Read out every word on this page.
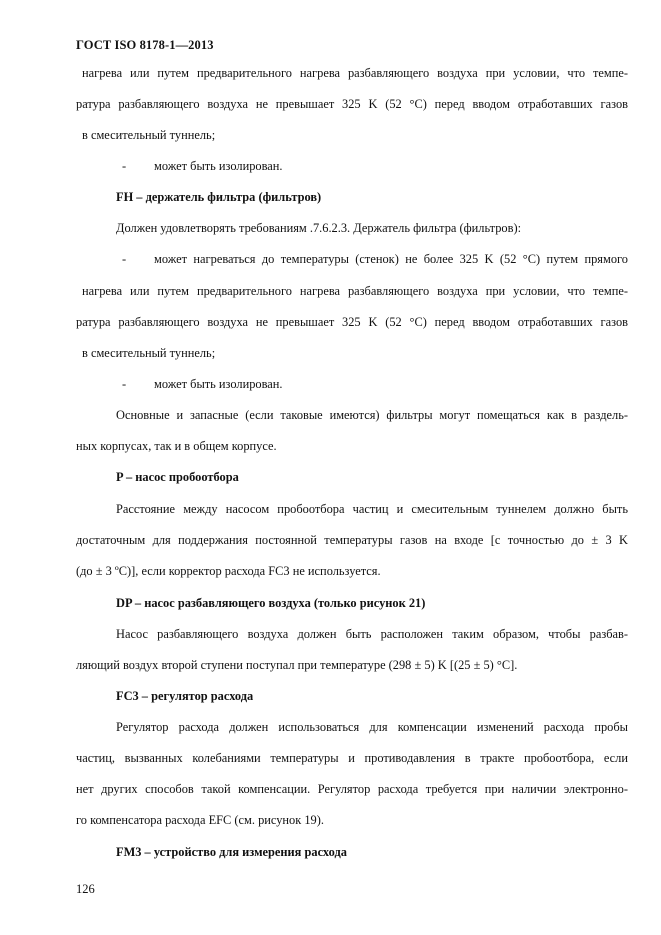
ГОСТ ISO 8178-1—2013
нагрева или путем предварительного нагрева разбавляющего воздуха при условии, что темпе-
ратура разбавляющего воздуха не превышает 325 K (52 °C) перед вводом отработавших газов
в смесительный туннель;
- может быть изолирован.
FH – держатель фильтра (фильтров)
Должен удовлетворять требованиям .7.6.2.3. Держатель фильтра (фильтров):
- может нагреваться до температуры (стенок) не более 325 K (52 °C) путем прямого
нагрева или путем предварительного нагрева разбавляющего воздуха при условии, что темпе-
ратура разбавляющего воздуха не превышает 325 K (52 °C) перед вводом отработавших газов
в смесительный туннель;
- может быть изолирован.
Основные и запасные (если таковые имеются) фильтры могут помещаться как в раздель-
ных корпусах, так и в общем корпусе.
P – насос пробоотбора
Расстояние между насосом пробоотбора частиц и смесительным туннелем должно быть
достаточным для поддержания постоянной температуры газов на входе [с точностью до ± 3 K
(до ± 3 ºC)], если корректор расхода FC3 не используется.
DP – насос разбавляющего воздуха (только рисунок 21)
Насос разбавляющего воздуха должен быть расположен таким образом, чтобы разбав-
ляющий воздух второй ступени поступал при температуре (298 ± 5) K [(25 ± 5) °C].
FC3 – регулятор расхода
Регулятор расхода должен использоваться для компенсации изменений расхода пробы
частиц, вызванных колебаниями температуры и противодавления в тракте пробоотбора, если
нет других способов такой компенсации. Регулятор расхода требуется при наличии электронно-
го компенсатора расхода EFC (см. рисунок 19).
FM3 – устройство для измерения расхода
126
